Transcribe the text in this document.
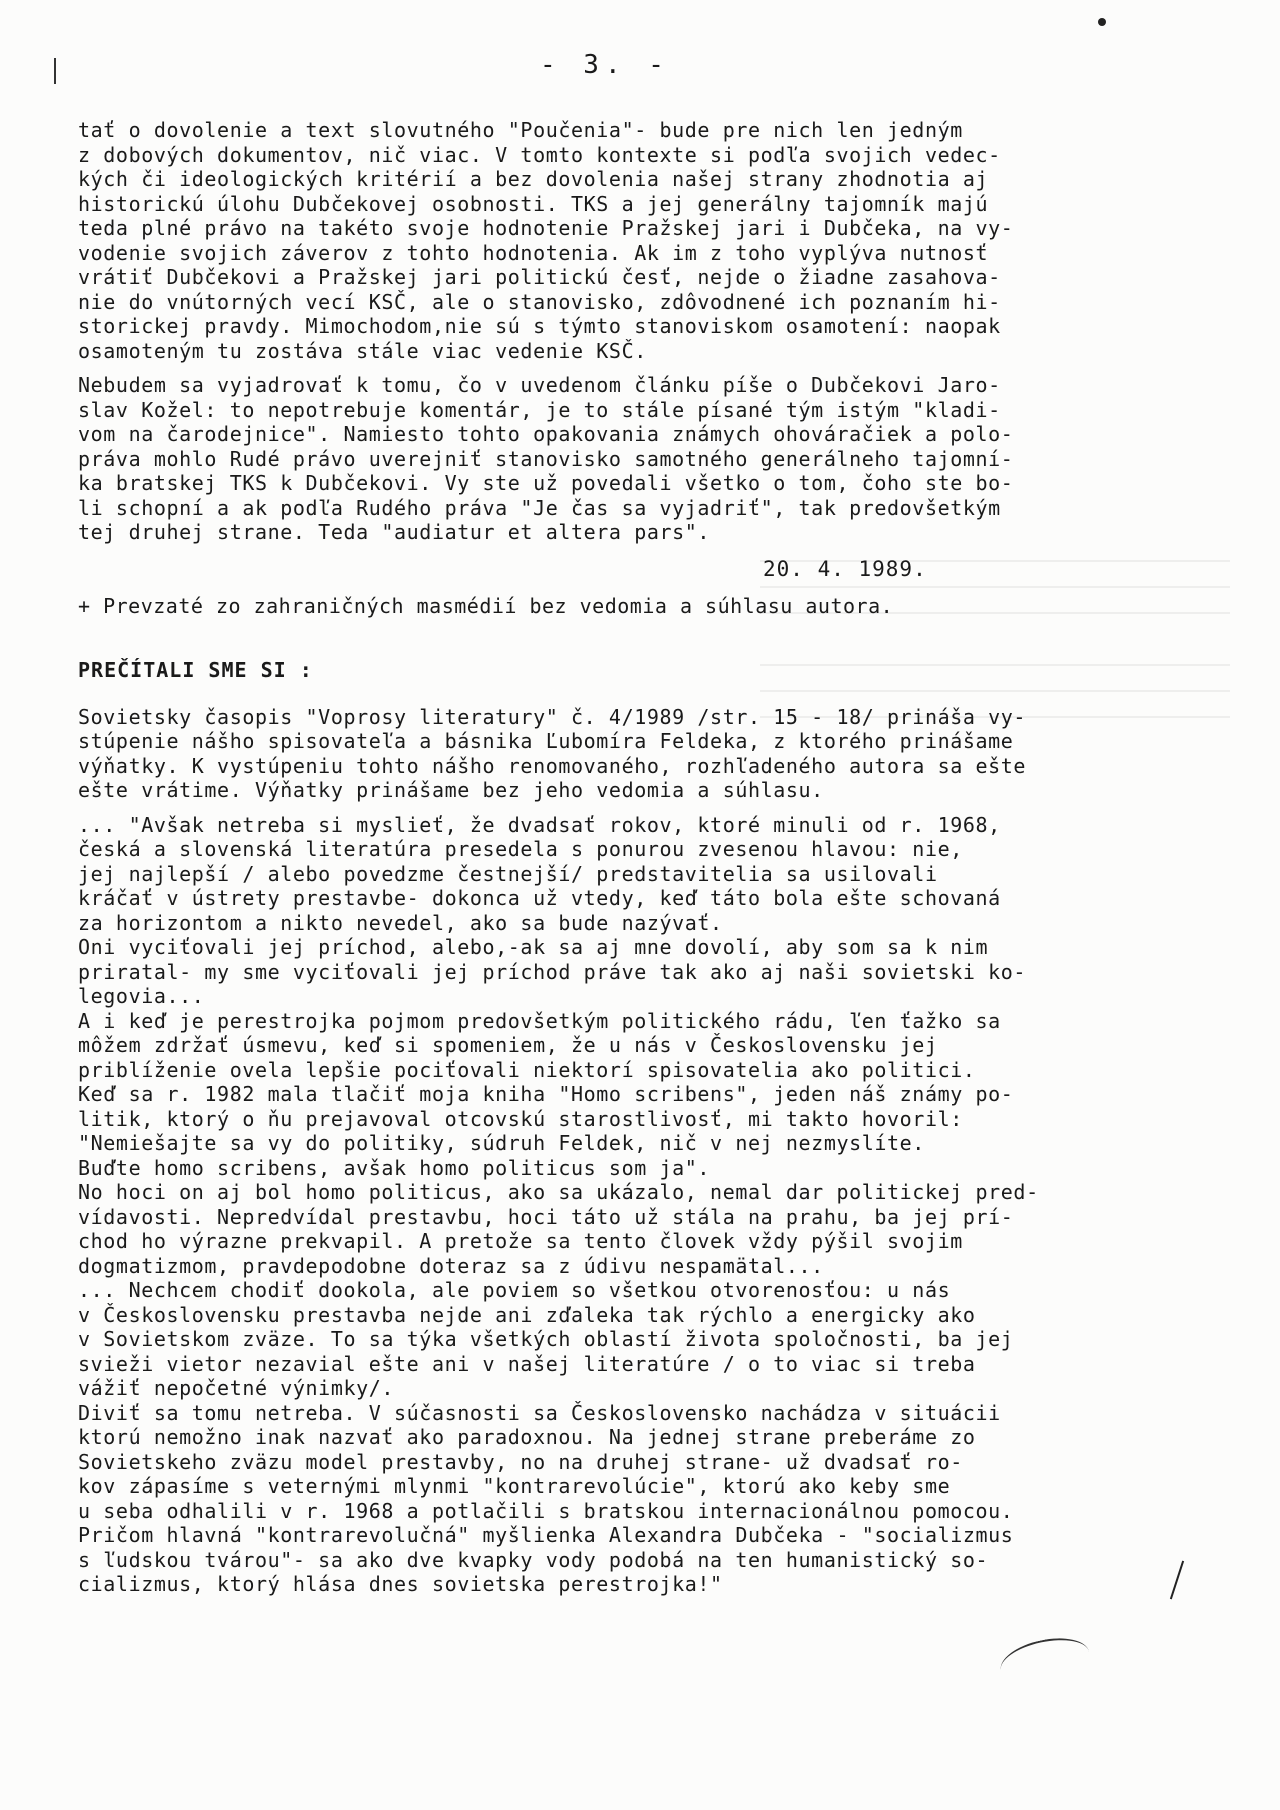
- 3. -
tať o dovolenie a text slovutného "Poučenia"- bude pre nich len jedným
z dobových dokumentov, nič viac. V tomto kontexte si podľa svojich vedec-
kých či ideologických kritérií a bez dovolenia našej strany zhodnotia aj
historickú úlohu Dubčekovej osobnosti. TKS a jej generálny tajomník majú
teda plné právo na takéto svoje hodnotenie Pražskej jari i Dubčeka, na vy-
vodenie svojich záverov z tohto hodnotenia. Ak im z toho vyplýva nutnosť
vrátiť Dubčekovi a Pražskej jari politickú česť, nejde o žiadne zasahova-
nie do vnútorných vecí KSČ, ale o stanovisko, zdôvodnené ich poznaním hi-
storickej pravdy. Mimochodom,nie sú s týmto stanoviskom osamotení: naopak
osamoteným tu zostáva stále viac vedenie KSČ.
Nebudem sa vyjadrovať k tomu, čo v uvedenom článku píše o Dubčekovi Jaro-
slav Kožel: to nepotrebuje komentár, je to stále písané tým istým "kladi-
vom na čarodejnice". Namiesto tohto opakovania známych ohováračiek a polo-
práva mohlo Rudé právo uverejniť stanovisko samotného generálneho tajomní-
ka bratskej TKS k Dubčekovi. Vy ste už povedali všetko o tom, čoho ste bo-
li schopní a ak podľa Rudého práva "Je čas sa vyjadriť", tak predovšetkým
tej druhej strane. Teda "audiatur et altera pars".
20. 4. 1989.
+ Prevzaté zo zahraničných masmédií bez vedomia a súhlasu autora.
PREČÍTALI SME SI :
Sovietsky časopis "Voprosy literatury" č. 4/1989 /str. 15 - 18/ prináša vy-
stúpenie nášho spisovateľa a básnika Ľubomíra Feldeka, z ktorého prinášame
výňatky. K vystúpeniu tohto nášho renomovaného, rozhľadeného autora sa ešte
ešte vrátime. Výňatky prinášame bez jeho vedomia a súhlasu.
... "Avšak netreba si myslieť, že dvadsať rokov, ktoré minuli od r. 1968,
česká a slovenská literatúra presedela s ponurou zvesenou hlavou: nie,
jej najlepší / alebo povedzme čestnejší/ predstavitelia sa usilovali
kráčať v ústrety prestavbe- dokonca už vtedy, keď táto bola ešte schovaná
za horizontom a nikto nevedel, ako sa bude nazývať.
Oni vyciťovali jej príchod, alebo,-ak sa aj mne dovolí, aby som sa k nim
priratal- my sme vyciťovali jej príchod práve tak ako aj naši sovietski ko-
legovia...
A i keď je perestrojka pojmom predovšetkým politického rádu, ľen ťažko sa
môžem zdržať úsmevu, keď si spomeniem, že u nás v Československu jej
priblíženie ovela lepšie pociťovali niektorí spisovatelia ako politici.
Keď sa r. 1982 mala tlačiť moja kniha "Homo scribens", jeden náš známy po-
litik, ktorý o ňu prejavoval otcovskú starostlivosť, mi takto hovoril:
"Nemiešajte sa vy do politiky, súdruh Feldek, nič v nej nezmyslíte.
Buďte homo scribens, avšak homo politicus som ja".
No hoci on aj bol homo politicus, ako sa ukázalo, nemal dar politickej pred-
vídavosti. Nepredvídal prestavbu, hoci táto už stála na prahu, ba jej prí-
chod ho výrazne prekvapil. A pretože sa tento človek vždy pýšil svojim
dogmatizmom, pravdepodobne doteraz sa z údivu nespamätal...
... Nechcem chodiť dookola, ale poviem so všetkou otvorenosťou: u nás
v Československu prestavba nejde ani zďaleka tak rýchlo a energicky ako
v Sovietskom zväze. To sa týka všetkých oblastí života spoločnosti, ba jej
svieži vietor nezavial ešte ani v našej literatúre / o to viac si treba
vážiť nepočetné výnimky/.
Diviť sa tomu netreba. V súčasnosti sa Československo nachádza v situácii
ktorú nemožno inak nazvať ako paradoxnou. Na jednej strane preberáme zo
Sovietskeho zväzu model prestavby, no na druhej strane- už dvadsať ro-
kov zápasíme s veternými mlynmi "kontrarevolúcie", ktorú ako keby sme
u seba odhalili v r. 1968 a potlačili s bratskou internacionálnou pomocou.
Pričom hlavná "kontrarevolučná" myšlienka Alexandra Dubčeka - "socializmus
s ľudskou tvárou"- sa ako dve kvapky vody podobá na ten humanistický so-
cializmus, ktorý hlása dnes sovietska perestrojka!"
